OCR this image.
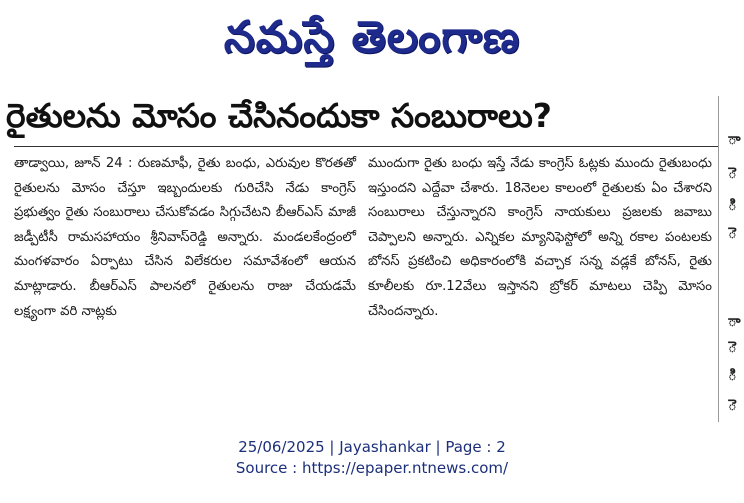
నమస్తే తెలంగాణ
రైతులను మోసం చేసినందుకా సంబురాలు?

తాడ్వాయి, జూన్ 24 : రుణమాఫీ, రైతు బంధు, ఎరువుల కొరతతో రైతులను మోసం చేస్తూ ఇబ్బందులకు గురిచేసి నేడు కాంగ్రెస్ ప్రభుత్వం రైతు సంబురాలు చేసుకోవడం సిగ్గుచేటని బీఆర్ఎస్ మాజీ జడ్పీటీసీ రామసహాయం శ్రీనివాస్‌రెడ్డి అన్నారు. మండలకేంద్రంలో మంగళవారం ఏర్పాటు చేసిన విలేకరుల సమావేశంలో ఆయన మాట్లాడారు. బీఆర్ఎస్ పాలనలో రైతులను రాజు చేయడమే లక్ష్యంగా వరి నాట్లకు

ముందుగా రైతు బంధు ఇస్తే నేడు కాంగ్రెస్ ఓట్లకు ముందు రైతుబంధు ఇస్తుందని ఎద్దేవా చేశారు. 18నెలల కాలంలో రైతులకు ఏం చేశారని సంబురాలు చేస్తున్నారని కాంగ్రెస్ నాయకులు ప్రజలకు జవాబు చెప్పాలని అన్నారు. ఎన్నికల మ్యానిఫెస్టోలో అన్ని రకాల పంటలకు బోనస్ ప్రకటించి అధికారంలోకి వచ్చాక సన్న వడ్లకే బోనస్, రైతు కూలీలకు రూ.12వేలు ఇస్తానని బ్రోకర్ మాటలు చెప్పి మోసం చేసిందన్నారు.

ా
ె
ి
ె
ా
ె
ి
ె
25/06/2025 | Jayashankar | Page : 2
Source : https://epaper.ntnews.com/
